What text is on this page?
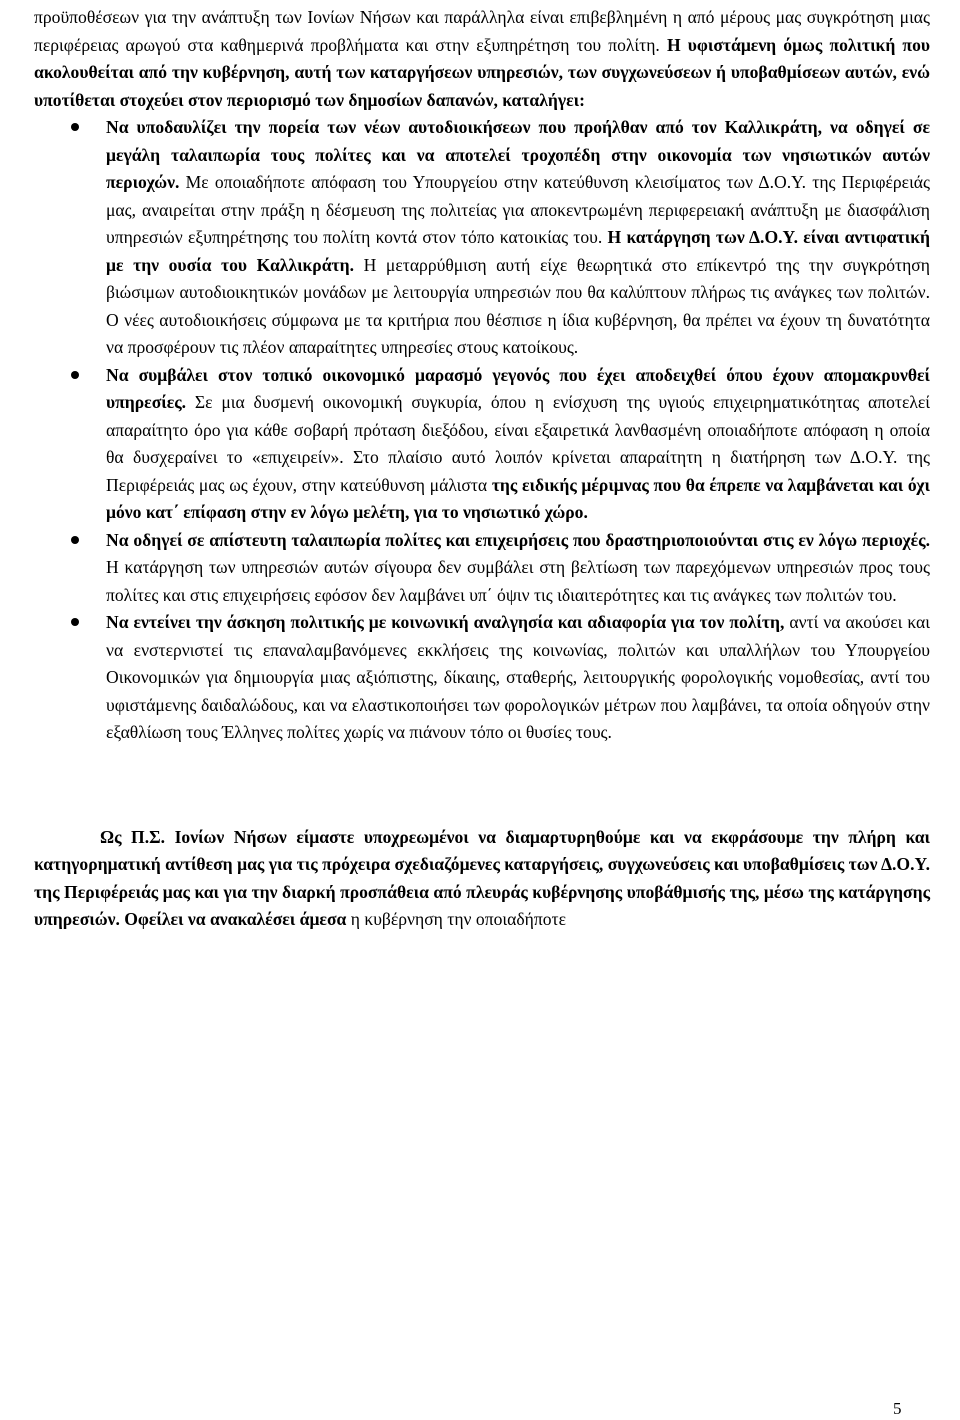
προϋποθέσεων για την ανάπτυξη των Ιονίων Νήσων και παράλληλα είναι επιβεβλημένη η από μέρους μας συγκρότηση μιας περιφέρειας αρωγού στα καθημερινά προβλήματα και στην εξυπηρέτηση του πολίτη. Η υφιστάμενη όμως πολιτική που ακολουθείται από την κυβέρνηση, αυτή των καταργήσεων υπηρεσιών, των συγχωνεύσεων ή υποβαθμίσεων αυτών, ενώ υποτίθεται στοχεύει στον περιορισμό των δημοσίων δαπανών, καταλήγει:

Να υποδαυλίζει την πορεία των νέων αυτοδιοικήσεων που προήλθαν από τον Καλλικράτη, να οδηγεί σε μεγάλη ταλαιπωρία τους πολίτες και να αποτελεί τροχοπέδη στην οικονομία των νησιωτικών αυτών περιοχών. Με οποιαδήποτε απόφαση του Υπουργείου στην κατεύθυνση κλεισίματος των Δ.Ο.Υ. της Περιφέρειάς μας, αναιρείται στην πράξη η δέσμευση της πολιτείας για αποκεντρωμένη περιφερειακή ανάπτυξη με διασφάλιση υπηρεσιών εξυπηρέτησης του πολίτη κοντά στον τόπο κατοικίας του. Η κατάργηση των Δ.Ο.Υ. είναι αντιφατική με την ουσία του Καλλικράτη. Η μεταρρύθμιση αυτή είχε θεωρητικά στο επίκεντρό της την συγκρότηση βιώσιμων αυτοδιοικητικών μονάδων με λειτουργία υπηρεσιών που θα καλύπτουν πλήρως τις ανάγκες των πολιτών. Ο νέες αυτοδιοικήσεις σύμφωνα με τα κριτήρια που θέσπισε η ίδια κυβέρνηση, θα πρέπει να έχουν τη δυνατότητα να προσφέρουν τις πλέον απαραίτητες υπηρεσίες στους κατοίκους.

Να συμβάλει στον τοπικό οικονομικό μαρασμό γεγονός που έχει αποδειχθεί όπου έχουν απομακρυνθεί υπηρεσίες. Σε μια δυσμενή οικονομική συγκυρία, όπου η ενίσχυση της υγιούς επιχειρηματικότητας αποτελεί απαραίτητο όρο για κάθε σοβαρή πρόταση διεξόδου, είναι εξαιρετικά λανθασμένη οποιαδήποτε απόφαση η οποία θα δυσχεραίνει το «επιχειρείν». Στο πλαίσιο αυτό λοιπόν κρίνεται απαραίτητη η διατήρηση των Δ.Ο.Υ. της Περιφέρειάς μας ως έχουν, στην κατεύθυνση μάλιστα της ειδικής μέριμνας που θα έπρεπε να λαμβάνεται και όχι μόνο κατ΄ επίφαση στην εν λόγω μελέτη, για το νησιωτικό χώρο.

Να οδηγεί σε απίστευτη ταλαιπωρία πολίτες και επιχειρήσεις που δραστηριοποιούνται στις εν λόγω περιοχές. Η κατάργηση των υπηρεσιών αυτών σίγουρα δεν συμβάλει στη βελτίωση των παρεχόμενων υπηρεσιών προς τους πολίτες και στις επιχειρήσεις εφόσον δεν λαμβάνει υπ΄ όψιν τις ιδιαιτερότητες και τις ανάγκες των πολιτών του.

Να εντείνει την άσκηση πολιτικής με κοινωνική αναλγησία και αδιαφορία για τον πολίτη, αντί να ακούσει και να ενστερνιστεί τις επαναλαμβανόμενες εκκλήσεις της κοινωνίας, πολιτών και υπαλλήλων του Υπουργείου Οικονομικών για δημιουργία μιας αξιόπιστης, δίκαιης, σταθερής, λειτουργικής φορολογικής νομοθεσίας, αντί του υφιστάμενης δαιδαλώδους, και να ελαστικοποιήσει των φορολογικών μέτρων που λαμβάνει, τα οποία οδηγούν στην εξαθλίωση τους Έλληνες πολίτες χωρίς να πιάνουν τόπο οι θυσίες τους.

Ως Π.Σ. Ιονίων Νήσων είμαστε υποχρεωμένοι να διαμαρτυρηθούμε και να εκφράσουμε την πλήρη και κατηγορηματική αντίθεση μας για τις πρόχειρα σχεδιαζόμενες καταργήσεις, συγχωνεύσεις και υποβαθμίσεις των Δ.Ο.Υ. της Περιφέρειάς μας και για την διαρκή προσπάθεια από πλευράς κυβέρνησης υποβάθμισής της, μέσω της κατάργησης υπηρεσιών. Οφείλει να ανακαλέσει άμεσα η κυβέρνηση την οποιαδήποτε

5
